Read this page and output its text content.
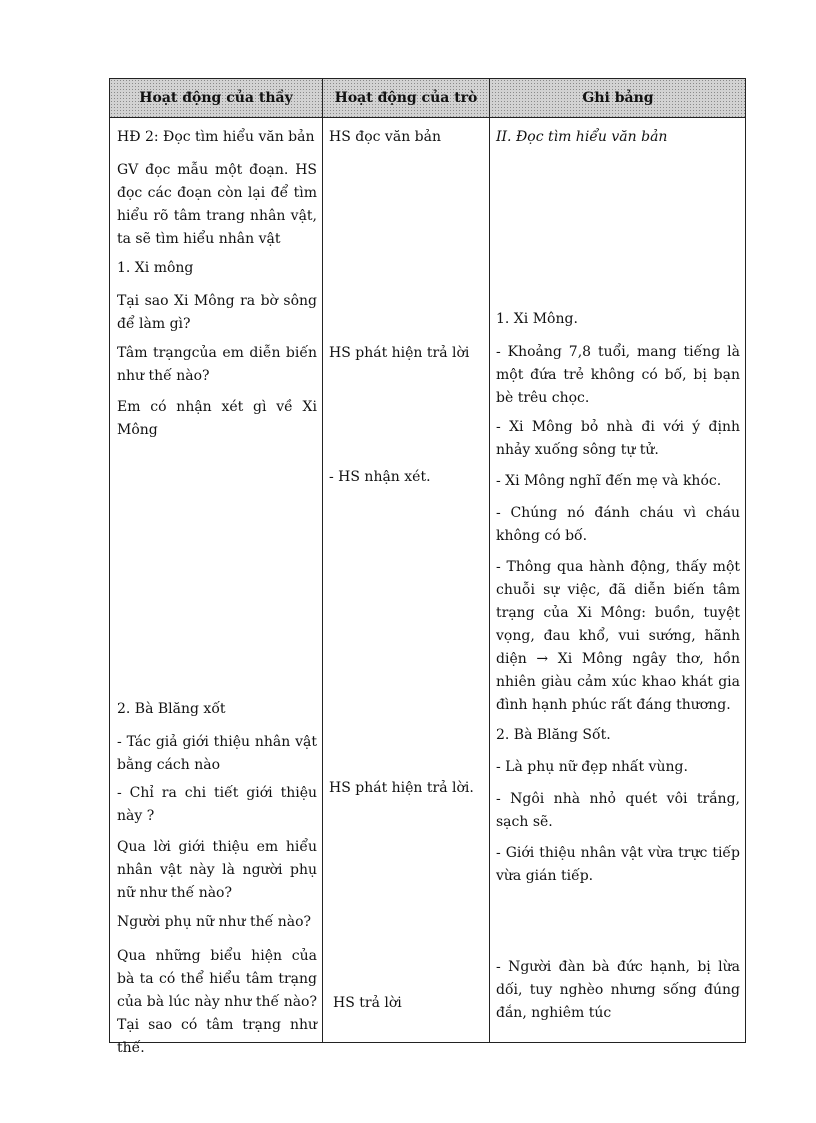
Hoạt động của thầy	Hoạt động của trò	Ghi bảng
HĐ 2: Đọc tìm hiểu văn bản
GV đọc mẫu một đoạn. HS đọc các đoạn còn lại để tìm hiểu rõ tâm trang nhân vật, ta sẽ tìm hiểu nhân vật
1. Xi mông
Tại sao Xi Mông ra bờ sông để làm gì?
Tâm trạngcủa em diễn biến như thế nào?
Em có nhận xét gì về Xi Mông
2. Bà Blăng xốt
- Tác giả giới thiệu nhân vật bằng cách nào
- Chỉ ra chi tiết giới thiệu này ?
Qua lời giới thiệu em hiểu nhân vật này là người phụ nữ như thế nào?
Người phụ nữ như thế nào?
Qua những biểu hiện của bà ta có thể hiểu tâm trạng của bà lúc này như thế nào? Tại sao có tâm trạng như thế.
HS đọc văn bản
HS phát hiện trả lời
- HS nhận xét.
HS phát hiện trả lời.
HS trả lời
II. Đọc tìm hiểu văn bản
1. Xi Mông.
- Khoảng 7,8 tuổi, mang tiếng là một đứa trẻ không có bố, bị bạn bè trêu chọc.
- Xi Mông bỏ nhà đi với ý định nhảy xuống sông tự tử.
- Xi Mông nghĩ đến mẹ và khóc.
- Chúng nó đánh cháu vì cháu không có bố.
- Thông qua hành động, thấy một chuỗi sự việc, đã diễn biến tâm trạng của Xi Mông: buồn, tuyệt vọng, đau khổ, vui sướng, hãnh diện → Xi Mông ngây thơ, hồn nhiên giàu cảm xúc khao khát gia đình hạnh phúc rất đáng thương.
2. Bà Blăng Sốt.
- Là phụ nữ đẹp nhất vùng.
- Ngôi nhà nhỏ quét vôi trắng, sạch sẽ.
- Giới thiệu nhân vật vừa trực tiếp vừa gián tiếp.
- Người đàn bà đức hạnh, bị lừa dối, tuy nghèo nhưng sống đúng đắn, nghiêm túc
